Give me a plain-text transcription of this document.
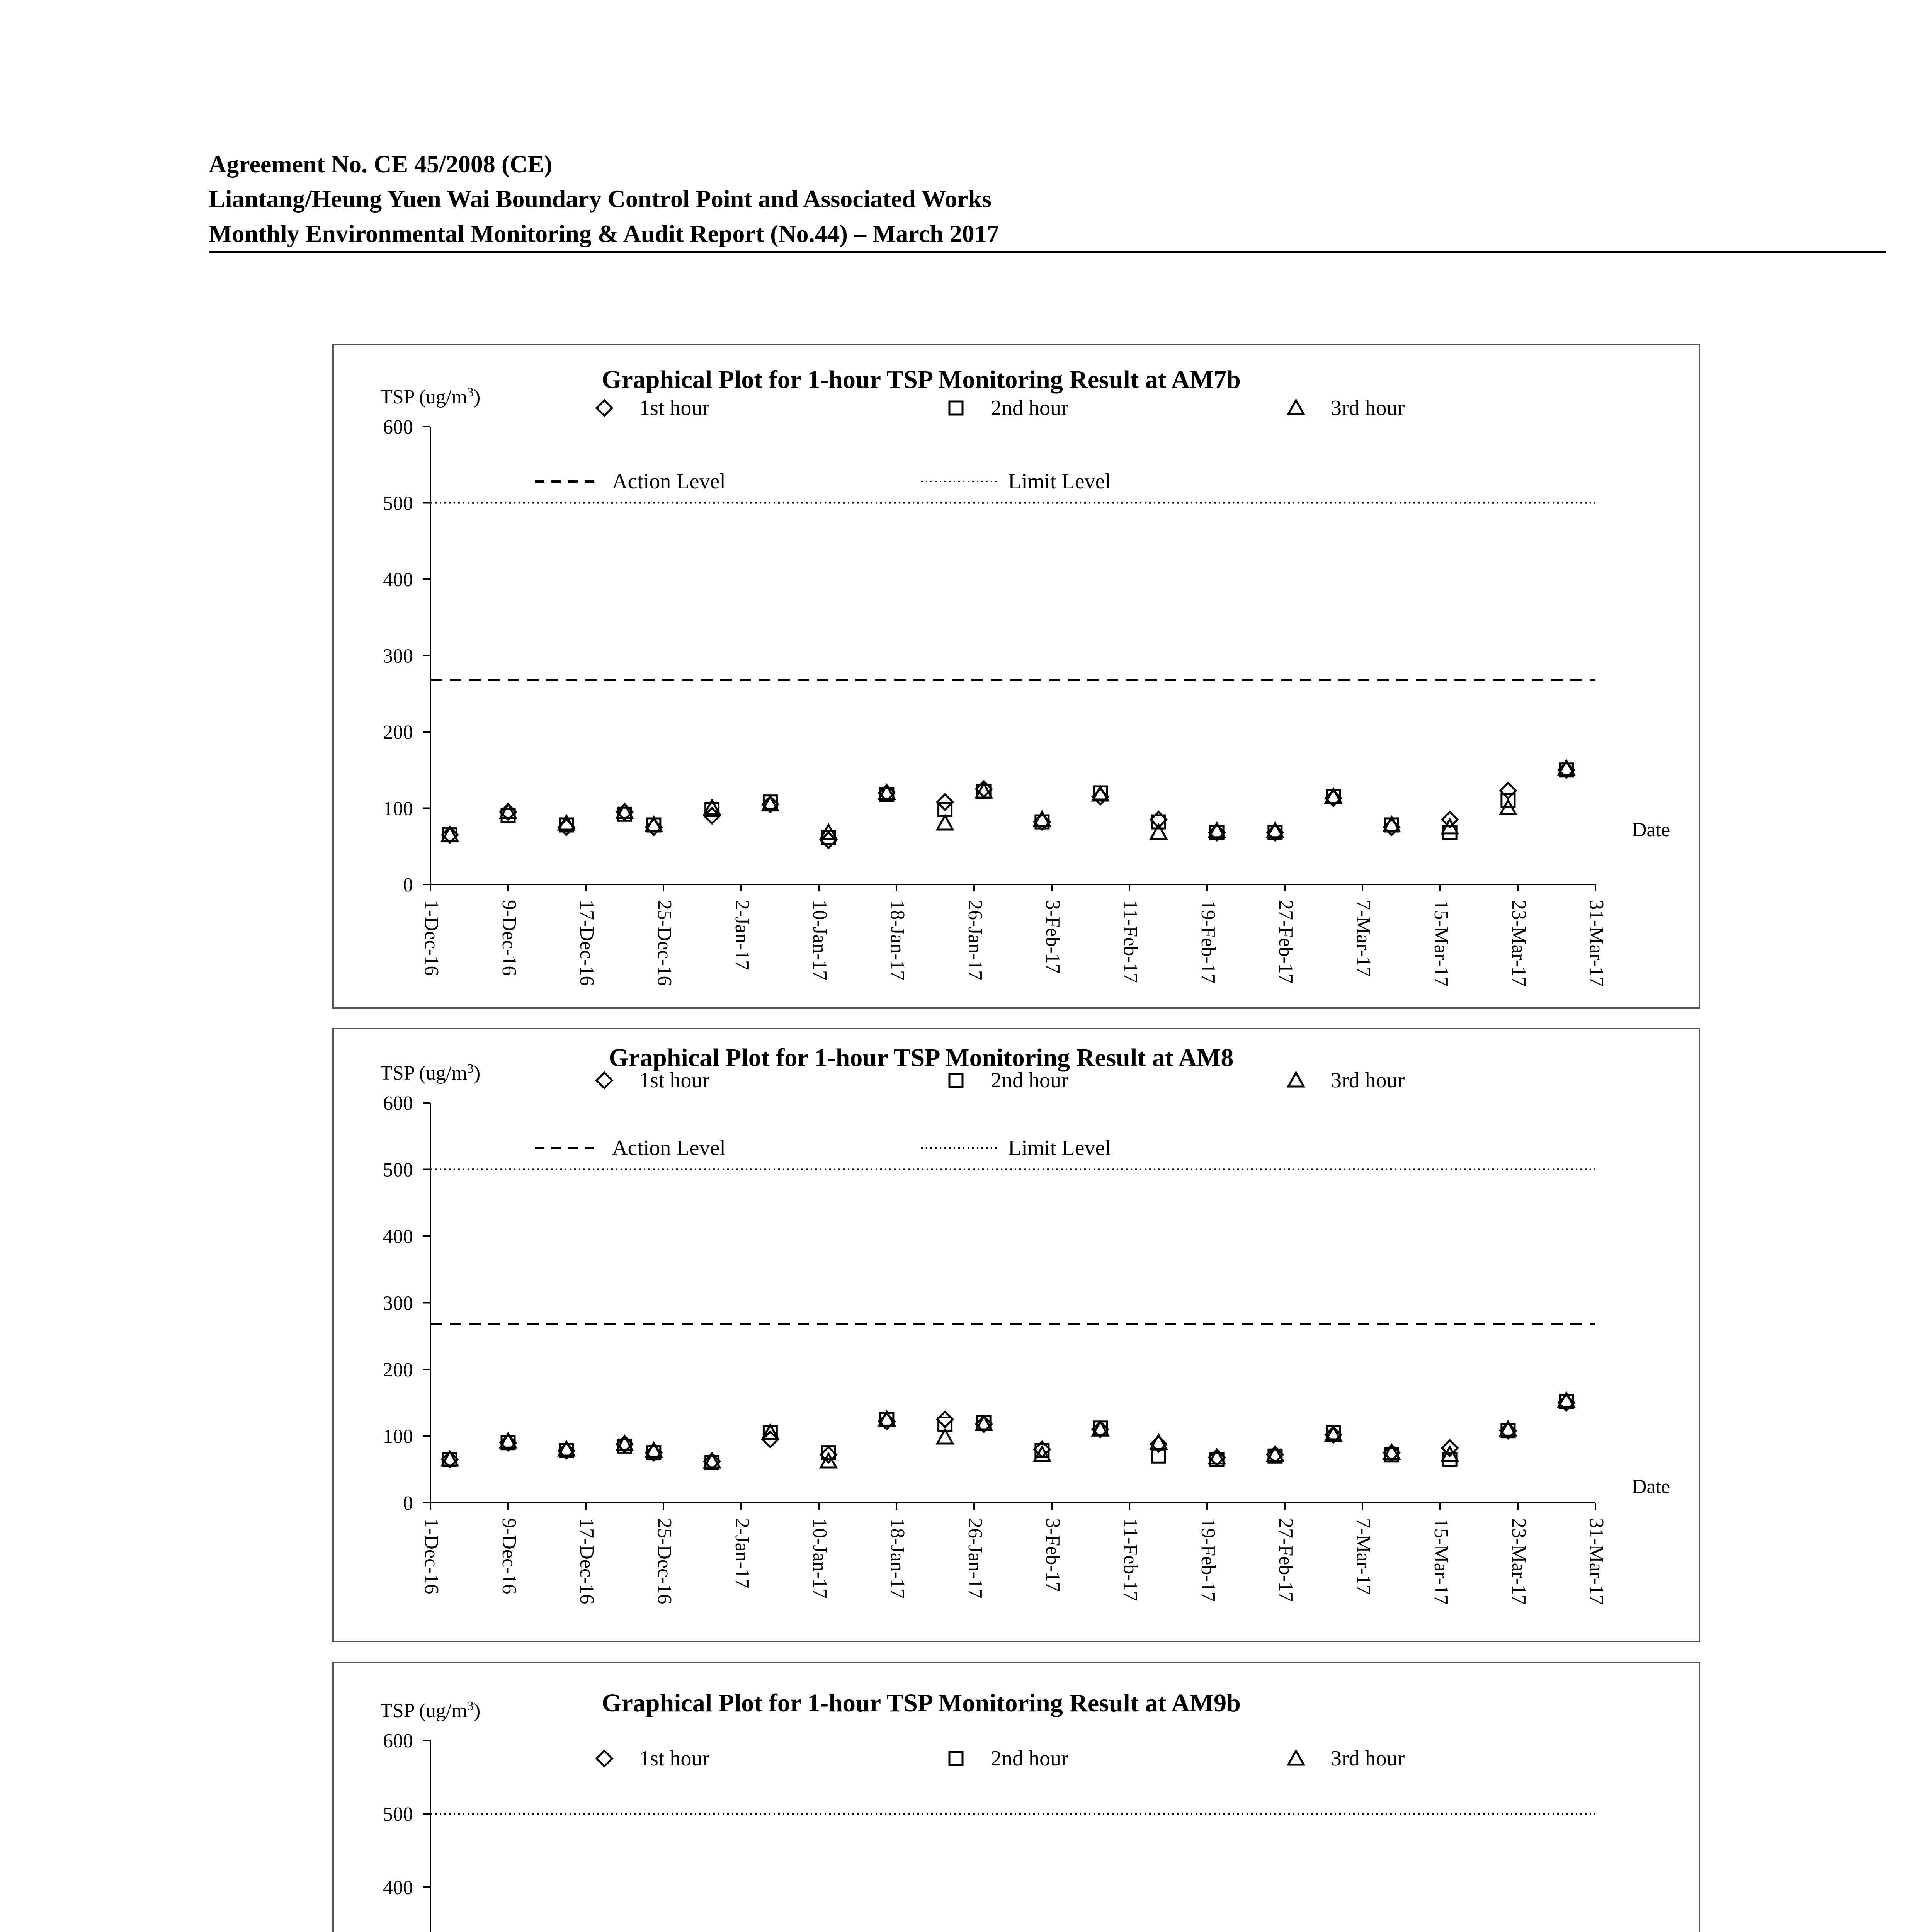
Agreement No. CE 45/2008 (CE)
Liantang/Heung Yuen Wai Boundary Control Point and Associated Works
Monthly Environmental Monitoring & Audit Report (No.44) – March 2017
Graphical Plot for 1-hour TSP Monitoring Result at AM7b
TSP $(ug/m^3)$
0
100
200
300
400
500
600
1-Dec-16	9-Dec-16	17-Dec-16	25-Dec-16	2-Jan-17	10-Jan-17	18-Jan-17	26-Jan-17	3-Feb-17	11-Feb-17	19-Feb-17	27-Feb-17	7-Mar-17	15-Mar-17	23-Mar-17	31-Mar-17
Date
1st hour	2nd hour	3rd hour
Action Level	Limit Level
Graphical Plot for 1-hour TSP Monitoring Result at AM8
TSP $(ug/m^3)$
0
100
200
300
400
500
600
1-Dec-16	9-Dec-16	17-Dec-16	25-Dec-16	2-Jan-17	10-Jan-17	18-Jan-17	26-Jan-17	3-Feb-17	11-Feb-17	19-Feb-17	27-Feb-17	7-Mar-17	15-Mar-17	23-Mar-17	31-Mar-17
Date
1st hour	2nd hour	3rd hour
Action Level	Limit Level
Graphical Plot for 1-hour TSP Monitoring Result at AM9b
TSP $(ug/m^3)$
400
500
600
1st hour	2nd hour	3rd hour
